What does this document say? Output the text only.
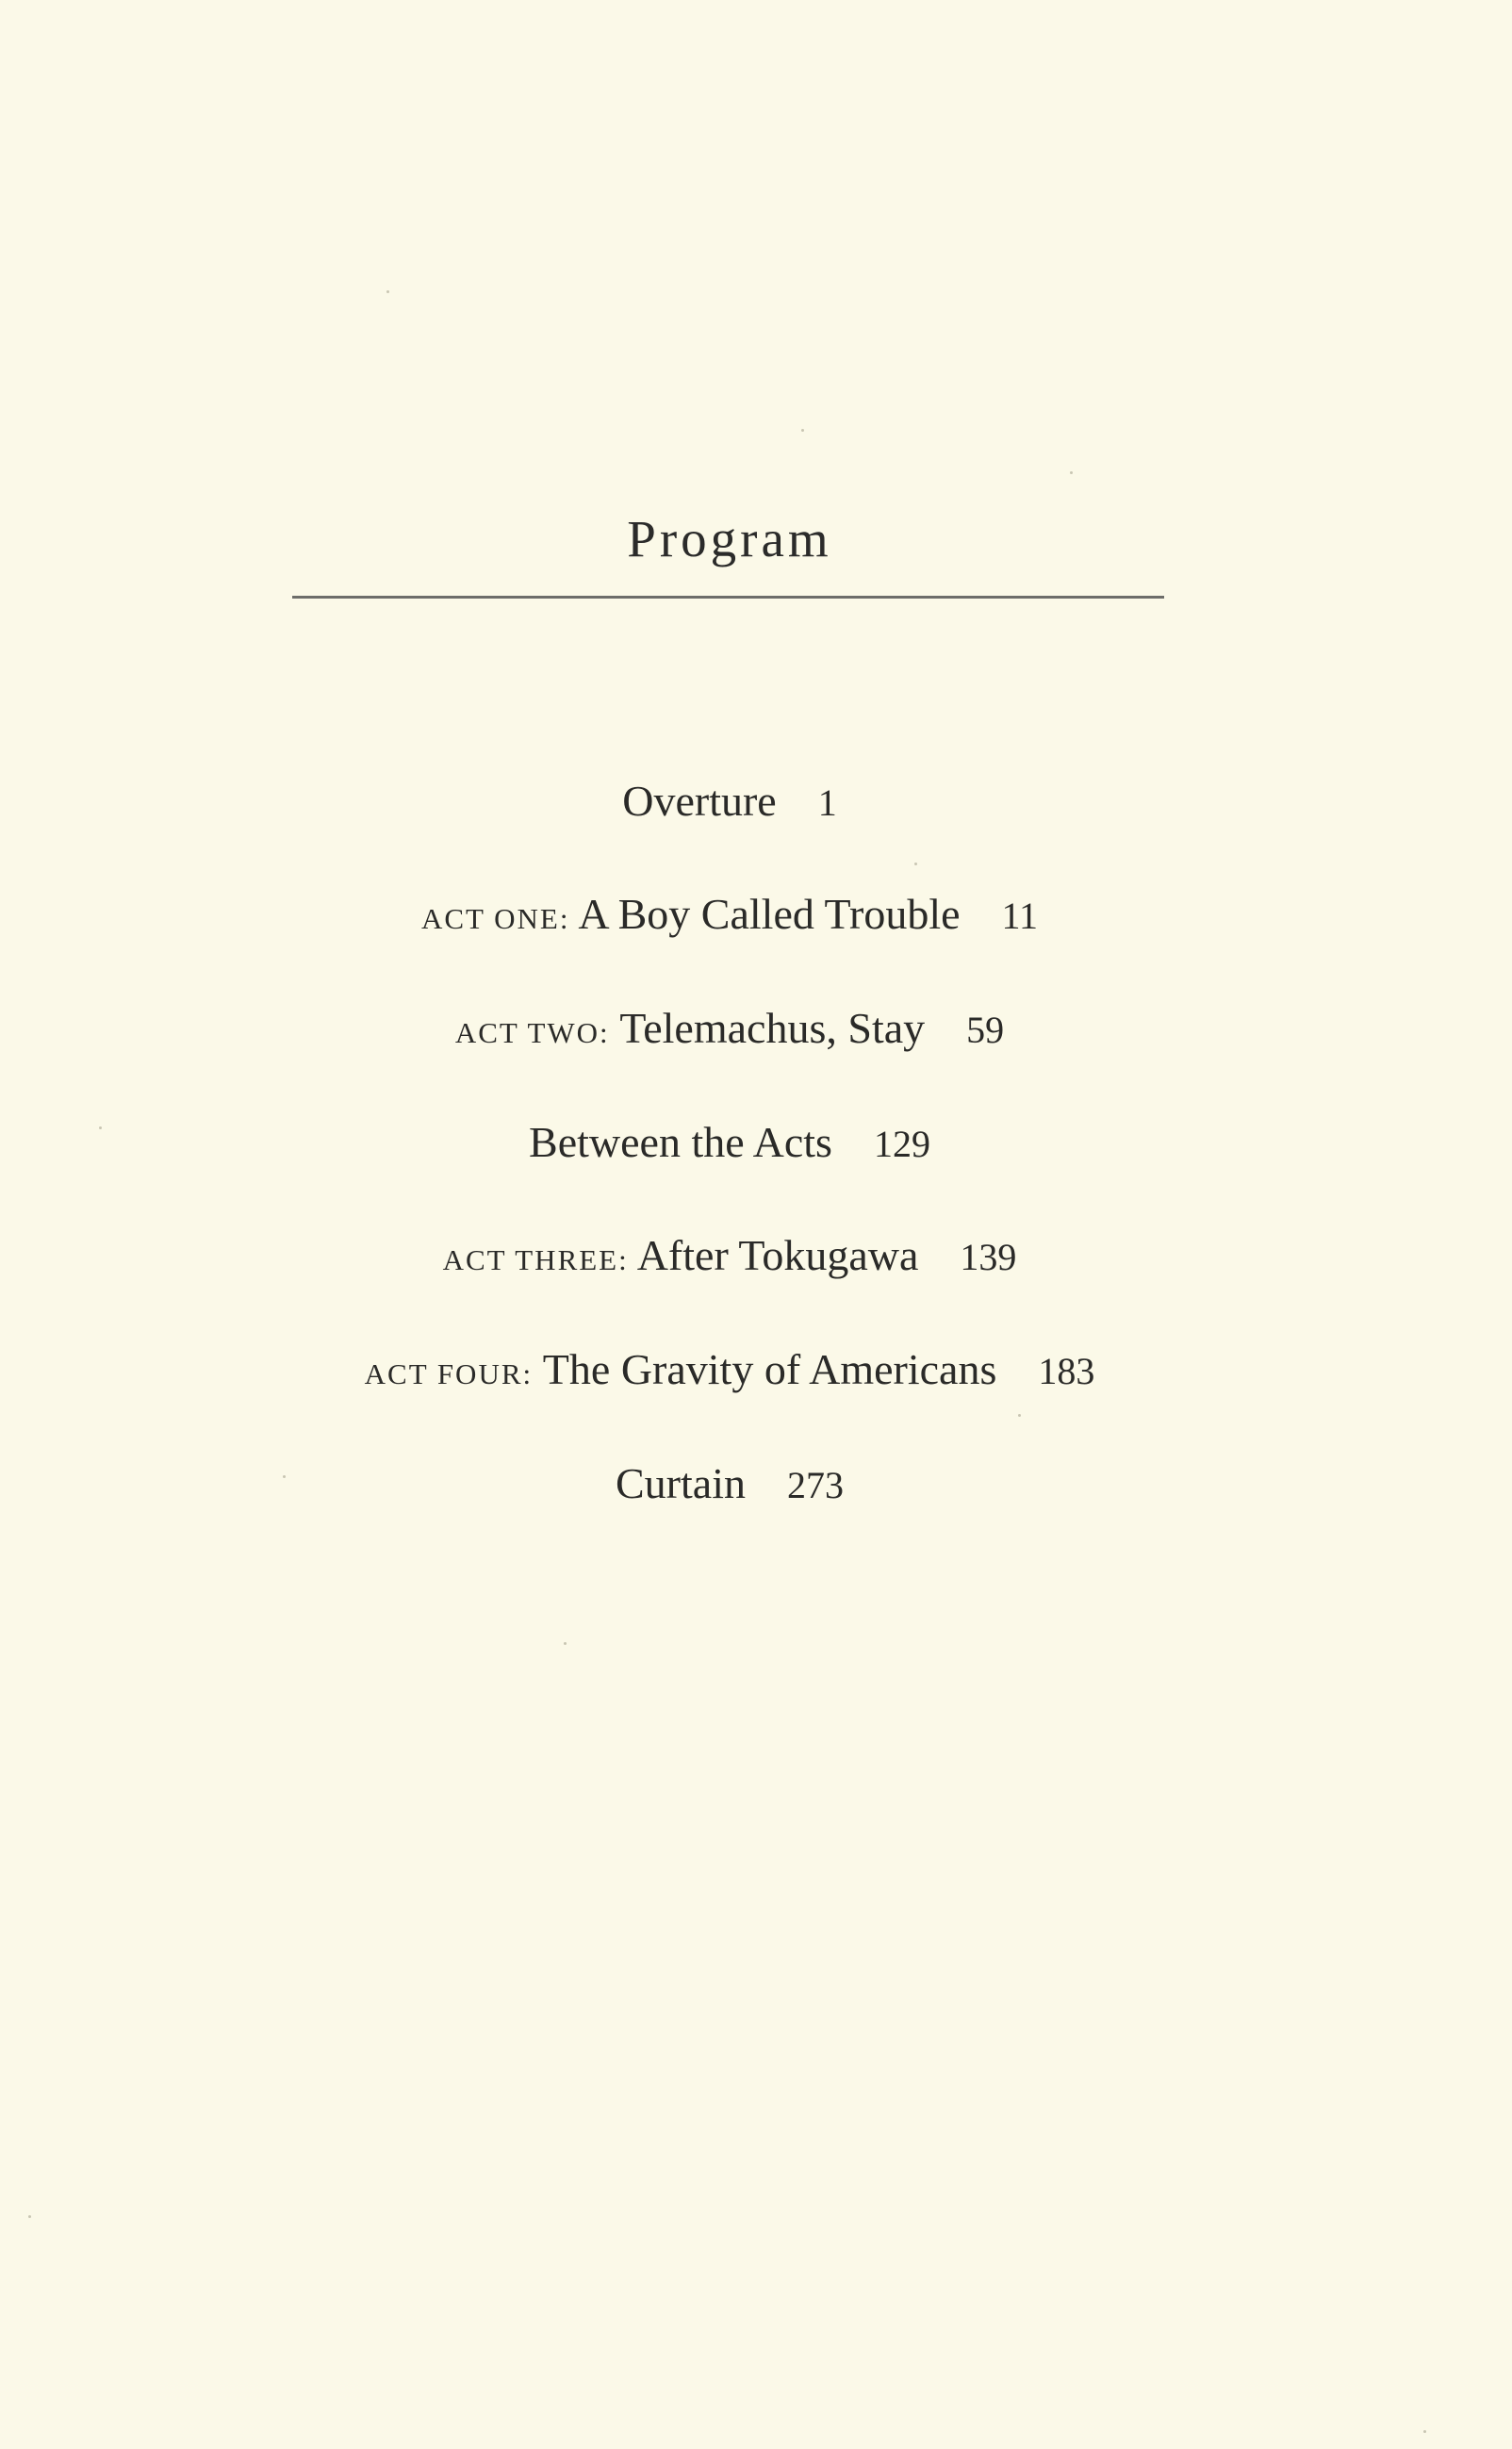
Program
Overture 1
ACT ONE: A Boy Called Trouble 11
ACT TWO: Telemachus, Stay 59
Between the Acts 129
ACT THREE: After Tokugawa 139
ACT FOUR: The Gravity of Americans 183
Curtain 273
